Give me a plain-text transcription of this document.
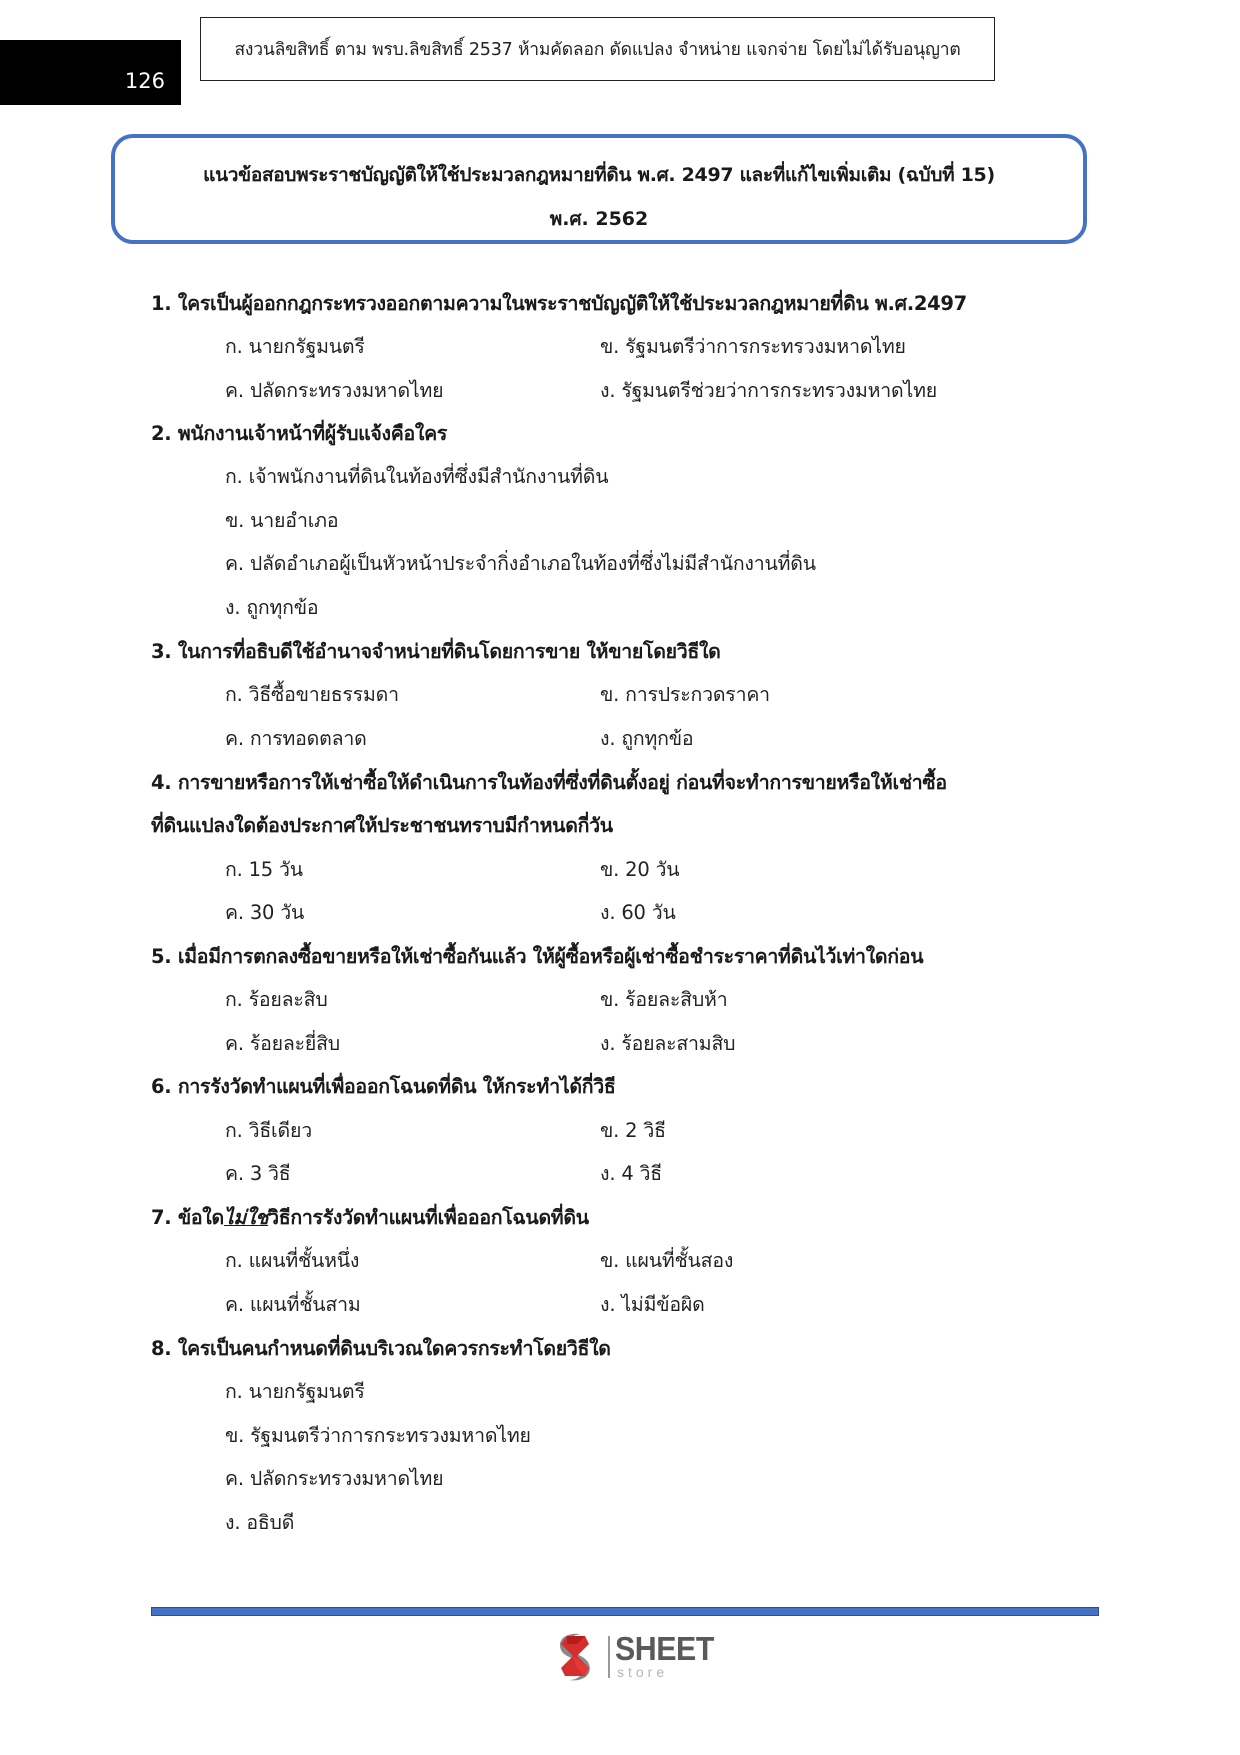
126
สงวนลิขสิทธิ์ ตาม พรบ.ลิขสิทธิ์ 2537 ห้ามคัดลอก ดัดแปลง จำหน่าย แจกจ่าย โดยไม่ได้รับอนุญาต
แนวข้อสอบพระราชบัญญัติให้ใช้ประมวลกฎหมายที่ดิน พ.ศ. 2497 และที่แก้ไขเพิ่มเติม (ฉบับที่ 15)
พ.ศ. 2562
1. ใครเป็นผู้ออกกฎกระทรวงออกตามความในพระราชบัญญัติให้ใช้ประมวลกฎหมายที่ดิน พ.ศ.2497
ก. นายกรัฐมนตรี	ข. รัฐมนตรีว่าการกระทรวงมหาดไทย
ค. ปลัดกระทรวงมหาดไทย	ง. รัฐมนตรีช่วยว่าการกระทรวงมหาดไทย
2. พนักงานเจ้าหน้าที่ผู้รับแจ้งคือใคร
ก. เจ้าพนักงานที่ดินในท้องที่ซึ่งมีสำนักงานที่ดิน
ข. นายอำเภอ
ค. ปลัดอำเภอผู้เป็นหัวหน้าประจำกิ่งอำเภอในท้องที่ซึ่งไม่มีสำนักงานที่ดิน
ง. ถูกทุกข้อ
3. ในการที่อธิบดีใช้อำนาจจำหน่ายที่ดินโดยการขาย ให้ขายโดยวิธีใด
ก. วิธีซื้อขายธรรมดา	ข. การประกวดราคา
ค. การทอดตลาด	ง. ถูกทุกข้อ
4. การขายหรือการให้เช่าซื้อให้ดำเนินการในท้องที่ซึ่งที่ดินตั้งอยู่ ก่อนที่จะทำการขายหรือให้เช่าซื้อ
ที่ดินแปลงใดต้องประกาศให้ประชาชนทราบมีกำหนดกี่วัน
ก. 15 วัน	ข. 20 วัน
ค. 30 วัน	ง. 60 วัน
5. เมื่อมีการตกลงซื้อขายหรือให้เช่าซื้อกันแล้ว ให้ผู้ซื้อหรือผู้เช่าซื้อชำระราคาที่ดินไว้เท่าใดก่อน
ก. ร้อยละสิบ	ข. ร้อยละสิบห้า
ค. ร้อยละยี่สิบ	ง. ร้อยละสามสิบ
6. การรังวัดทำแผนที่เพื่อออกโฉนดที่ดิน ให้กระทำได้กี่วิธี
ก. วิธีเดียว	ข. 2 วิธี
ค. 3 วิธี	ง. 4 วิธี
7. ข้อใดไม่ใช่วิธีการรังวัดทำแผนที่เพื่อออกโฉนดที่ดิน
ก. แผนที่ชั้นหนึ่ง	ข. แผนที่ชั้นสอง
ค. แผนที่ชั้นสาม	ง. ไม่มีข้อผิด
8. ใครเป็นคนกำหนดที่ดินบริเวณใดควรกระทำโดยวิธีใด
ก. นายกรัฐมนตรี
ข. รัฐมนตรีว่าการกระทรวงมหาดไทย
ค. ปลัดกระทรวงมหาดไทย
ง. อธิบดี
SHEET
store
